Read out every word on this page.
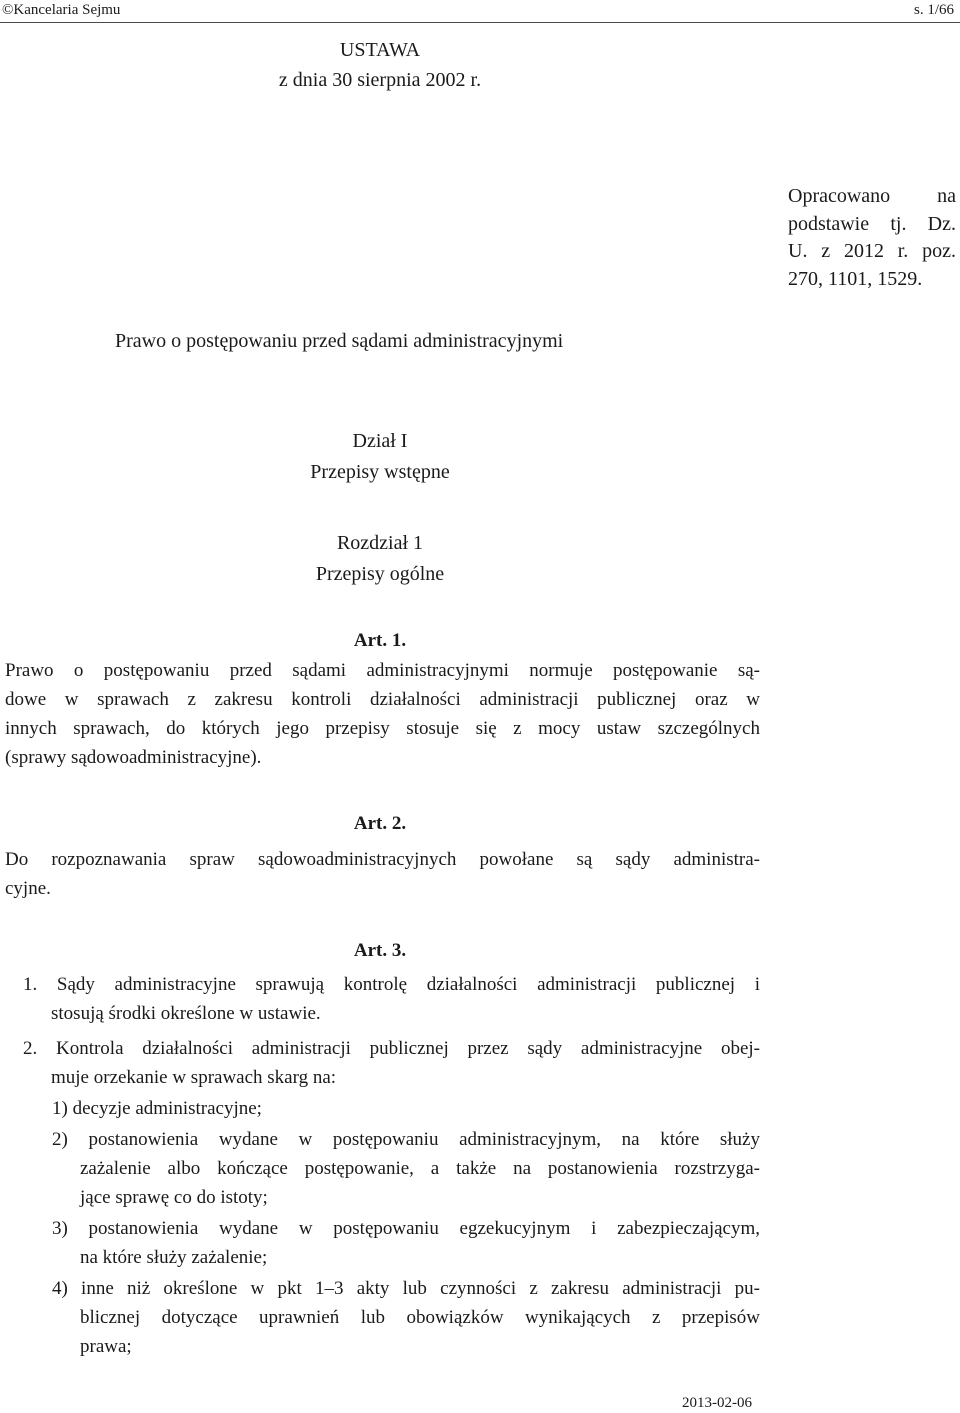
©Kancelaria Sejmu	s. 1/66
USTAWA
z dnia 30 sierpnia 2002 r.
Opracowano na
podstawie tj. Dz.
U. z 2012 r. poz.
270, 1101, 1529.
Prawo o postępowaniu przed sądami administracyjnymi
Dział I
Przepisy wstępne
Rozdział 1
Przepisy ogólne
Art. 1.
Prawo o postępowaniu przed sądami administracyjnymi normuje postępowanie są-
dowe w sprawach z zakresu kontroli działalności administracji publicznej oraz w
innych sprawach, do których jego przepisy stosuje się z mocy ustaw szczególnych
(sprawy sądowoadministracyjne).
Art. 2.
Do rozpoznawania spraw sądowoadministracyjnych powołane są sądy administra-
cyjne.
Art. 3.
1. Sądy administracyjne sprawują kontrolę działalności administracji publicznej i
stosują środki określone w ustawie.
2. Kontrola działalności administracji publicznej przez sądy administracyjne obej-
muje orzekanie w sprawach skarg na:
1) decyzje administracyjne;
2) postanowienia wydane w postępowaniu administracyjnym, na które służy
zażalenie albo kończące postępowanie, a także na postanowienia rozstrzyga-
jące sprawę co do istoty;
3) postanowienia wydane w postępowaniu egzekucyjnym i zabezpieczającym,
na które służy zażalenie;
4) inne niż określone w pkt 1–3 akty lub czynności z zakresu administracji pu-
blicznej dotyczące uprawnień lub obowiązków wynikających z przepisów
prawa;
2013-02-06
